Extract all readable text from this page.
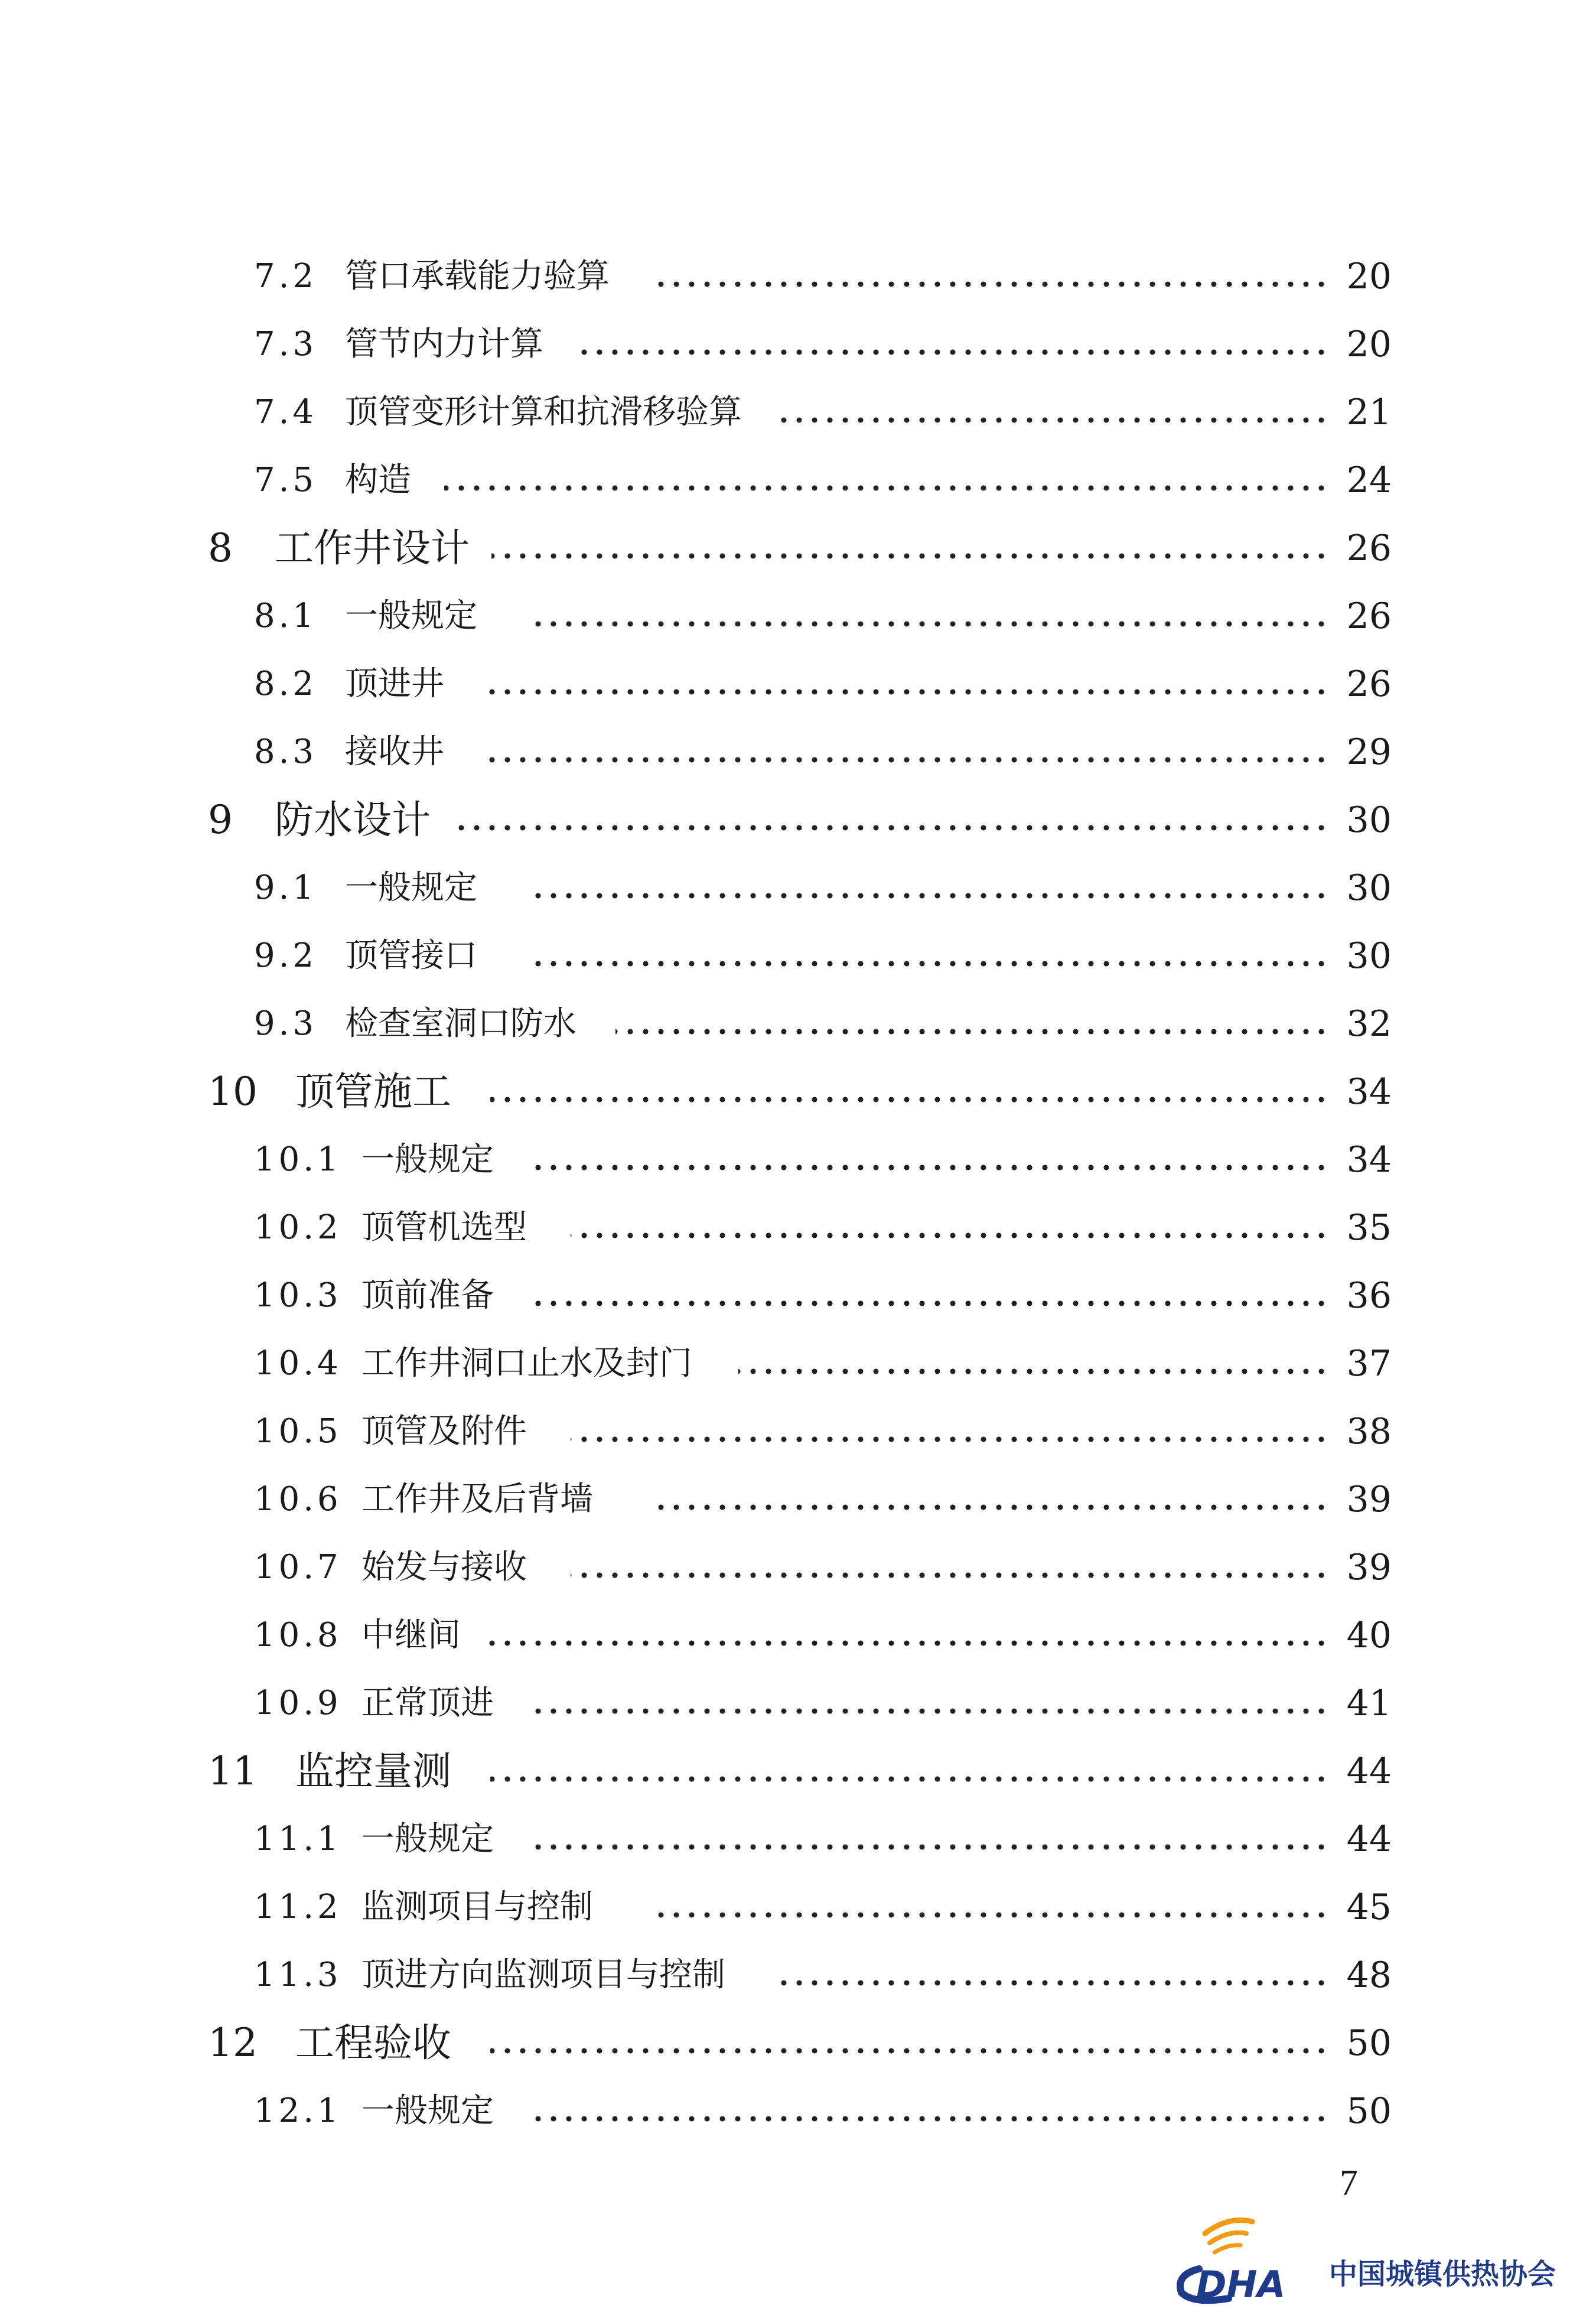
7.2 管口承载能力验算	20
7.3 管节内力计算	20
7.4 顶管变形计算和抗滑移验算	21
7.5 构造	24
8 工作井设计	26
8.1 一般规定	26
8.2 顶进井	26
8.3 接收井	29
9 防水设计	30
9.1 一般规定	30
9.2 顶管接口	30
9.3 检查室洞口防水	32
10 顶管施工	34
10.1 一般规定	34
10.2 顶管机选型	35
10.3 顶前准备	36
10.4 工作井洞口止水及封门	37
10.5 顶管及附件	38
10.6 工作井及后背墙	39
10.7 始发与接收	39
10.8 中继间	40
10.9 正常顶进	41
11 监控量测	44
11.1 一般规定	44
11.2 监测项目与控制	45
11.3 顶进方向监测项目与控制	48
12 工程验收	50
12.1 一般规定	50
7
DHA 中国城镇供热协会
